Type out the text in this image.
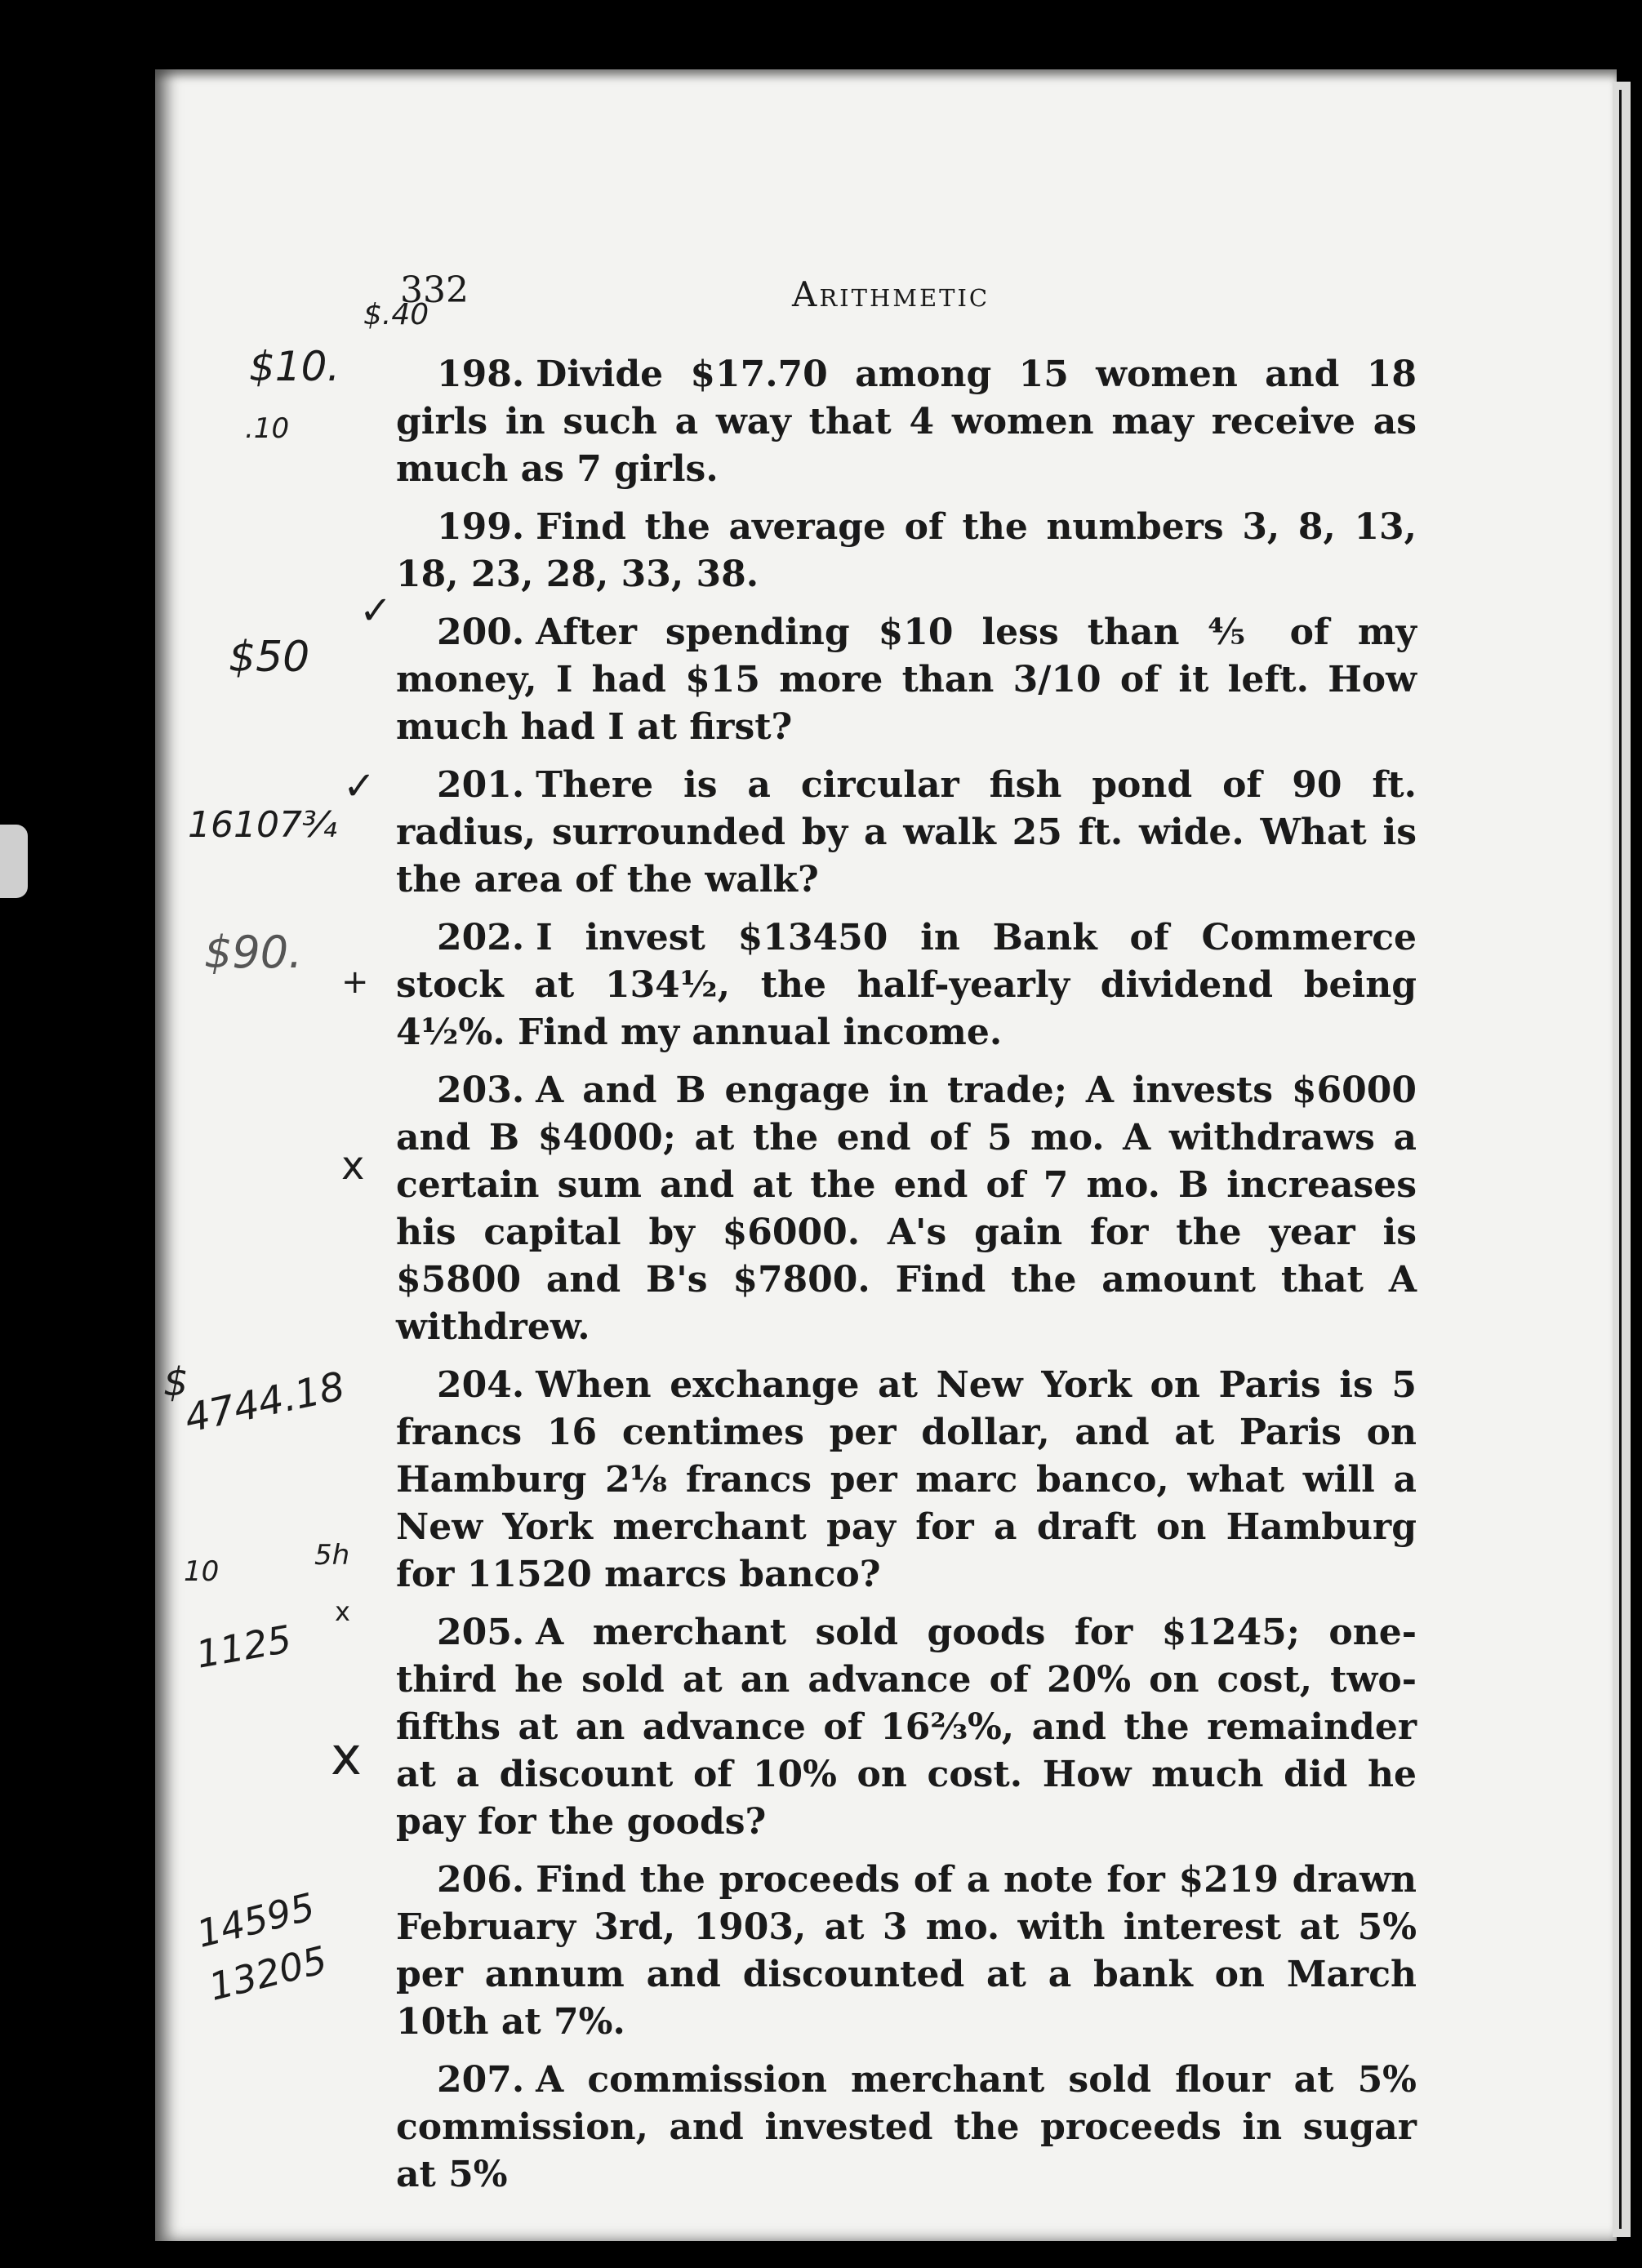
332	Arithmetic

198. Divide $17.70 among 15 women and 18 girls in such a way that 4 women may receive as much as 7 girls.

199. Find the average of the numbers 3, 8, 13, 18, 23, 28, 33, 38.

200. After spending $10 less than ⅘ of my money, I had $15 more than 3/10 of it left. How much had I at first?

201. There is a circular fish pond of 90 ft. radius, surrounded by a walk 25 ft. wide. What is the area of the walk?

202. I invest $13450 in Bank of Commerce stock at 134½, the half-yearly dividend being 4½%. Find my annual income.

203. A and B engage in trade; A invests $6000 and B $4000; at the end of 5 mo. A withdraws a certain sum and at the end of 7 mo. B increases his capital by $6000. A's gain for the year is $5800 and B's $7800. Find the amount that A withdrew.

204. When exchange at New York on Paris is 5 francs 16 centimes per dollar, and at Paris on Hamburg 2⅛ francs per marc banco, what will a New York merchant pay for a draft on Hamburg for 11520 marcs banco?

205. A merchant sold goods for $1245; one-third he sold at an advance of 20% on cost, two-fifths at an advance of 16⅔%, and the remainder at a discount of 10% on cost. How much did he pay for the goods?

206. Find the proceeds of a note for $219 drawn February 3rd, 1903, at 3 mo. with interest at 5% per annum and discounted at a bank on March 10th at 7%.

207. A commission merchant sold flour at 5% commission, and invested the proceeds in sugar at 5%

$.40
$10.
.10
✓
$50
16107¾
✓
$90.
+
x
$
4744.18
10	5h
x
1125
x
14595
13205
